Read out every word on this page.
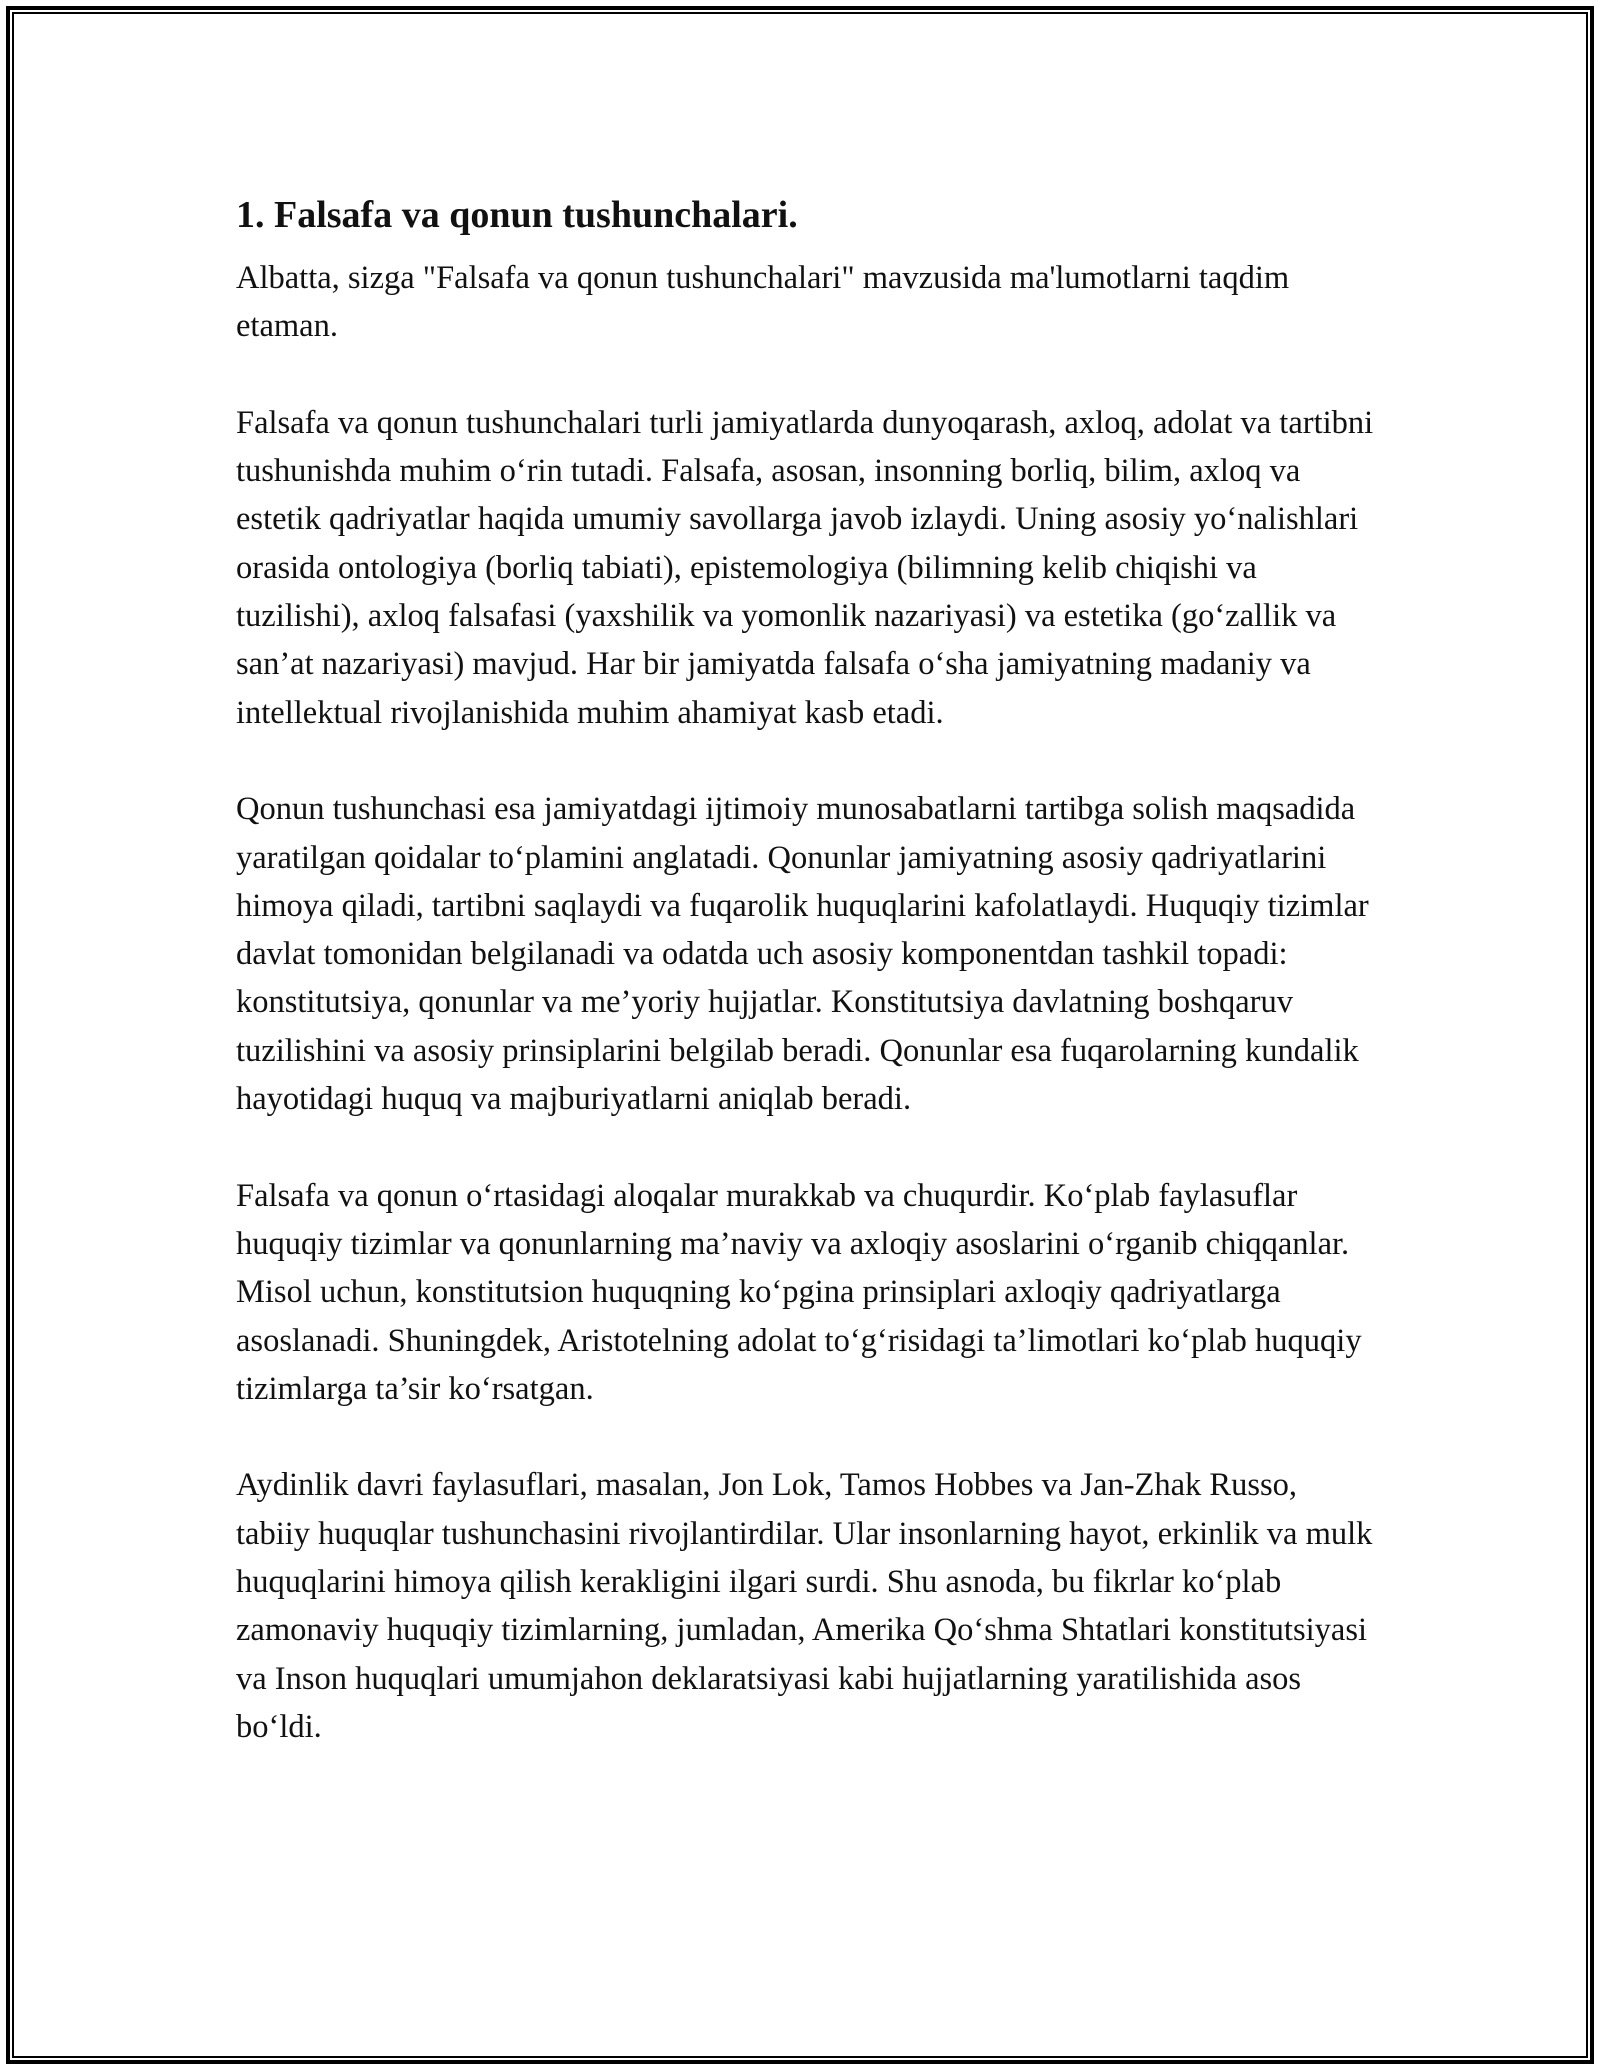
1. Falsafa va qonun tushunchalari.

Albatta, sizga "Falsafa va qonun tushunchalari" mavzusida ma'lumotlarni taqdim etaman.

Falsafa va qonun tushunchalari turli jamiyatlarda dunyoqarash, axloq, adolat va tartibni tushunishda muhim o‘rin tutadi. Falsafa, asosan, insonning borliq, bilim, axloq va estetik qadriyatlar haqida umumiy savollarga javob izlaydi. Uning asosiy yo‘nalishlari orasida ontologiya (borliq tabiati), epistemologiya (bilimning kelib chiqishi va tuzilishi), axloq falsafasi (yaxshilik va yomonlik nazariyasi) va estetika (go‘zallik va san’at nazariyasi) mavjud. Har bir jamiyatda falsafa o‘sha jamiyatning madaniy va intellektual rivojlanishida muhim ahamiyat kasb etadi.

Qonun tushunchasi esa jamiyatdagi ijtimoiy munosabatlarni tartibga solish maqsadida yaratilgan qoidalar to‘plamini anglatadi. Qonunlar jamiyatning asosiy qadriyatlarini himoya qiladi, tartibni saqlaydi va fuqarolik huquqlarini kafolatlaydi. Huquqiy tizimlar davlat tomonidan belgilanadi va odatda uch asosiy komponentdan tashkil topadi: konstitutsiya, qonunlar va me’yoriy hujjatlar. Konstitutsiya davlatning boshqaruv tuzilishini va asosiy prinsiplarini belgilab beradi. Qonunlar esa fuqarolarning kundalik hayotidagi huquq va majburiyatlarni aniqlab beradi.

Falsafa va qonun o‘rtasidagi aloqalar murakkab va chuqurdir. Ko‘plab faylasuflar huquqiy tizimlar va qonunlarning ma’naviy va axloqiy asoslarini o‘rganib chiqqanlar. Misol uchun, konstitutsion huquqning ko‘pgina prinsiplari axloqiy qadriyatlarga asoslanadi. Shuningdek, Aristotelning adolat to‘g‘risidagi ta’limotlari ko‘plab huquqiy tizimlarga ta’sir ko‘rsatgan.

Aydinlik davri faylasuflari, masalan, Jon Lok, Tamos Hobbes va Jan-Zhak Russo, tabiiy huquqlar tushunchasini rivojlantirdilar. Ular insonlarning hayot, erkinlik va mulk huquqlarini himoya qilish kerakligini ilgari surdi. Shu asnoda, bu fikrlar ko‘plab zamonaviy huquqiy tizimlarning, jumladan, Amerika Qo‘shma Shtatlari konstitutsiyasi va Inson huquqlari umumjahon deklaratsiyasi kabi hujjatlarning yaratilishida asos bo‘ldi.
